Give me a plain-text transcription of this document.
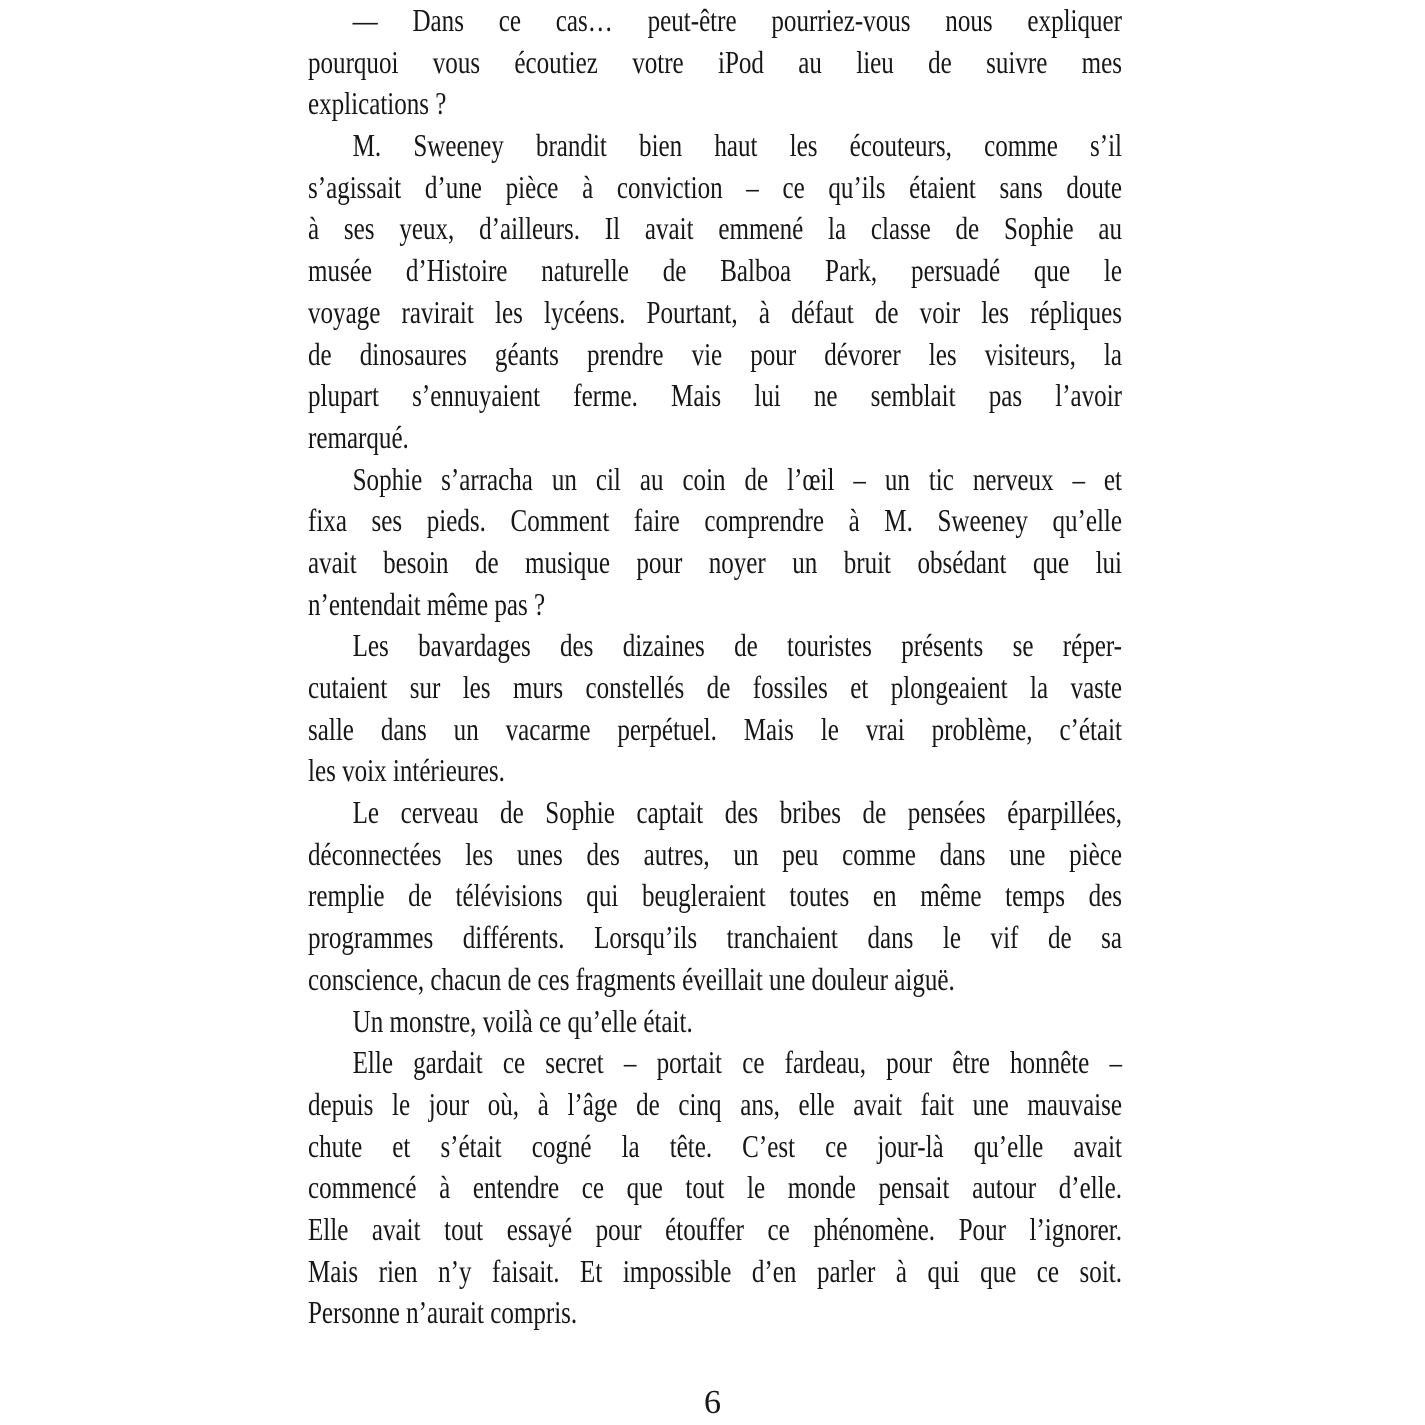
— Dans ce cas… peut-être pourriez-vous nous expliquer
pourquoi vous écoutiez votre iPod au lieu de suivre mes
explications ?
M. Sweeney brandit bien haut les écouteurs, comme s’il
s’agissait d’une pièce à conviction – ce qu’ils étaient sans doute
à ses yeux, d’ailleurs. Il avait emmené la classe de Sophie au
musée d’Histoire naturelle de Balboa Park, persuadé que le
voyage ravirait les lycéens. Pourtant, à défaut de voir les répliques
de dinosaures géants prendre vie pour dévorer les visiteurs, la
plupart s’ennuyaient ferme. Mais lui ne semblait pas l’avoir
remarqué.
Sophie s’arracha un cil au coin de l’œil – un tic nerveux – et
fixa ses pieds. Comment faire comprendre à M. Sweeney qu’elle
avait besoin de musique pour noyer un bruit obsédant que lui
n’entendait même pas ?
Les bavardages des dizaines de touristes présents se réper-
cutaient sur les murs constellés de fossiles et plongeaient la vaste
salle dans un vacarme perpétuel. Mais le vrai problème, c’était
les voix intérieures.
Le cerveau de Sophie captait des bribes de pensées éparpillées,
déconnectées les unes des autres, un peu comme dans une pièce
remplie de télévisions qui beugleraient toutes en même temps des
programmes différents. Lorsqu’ils tranchaient dans le vif de sa
conscience, chacun de ces fragments éveillait une douleur aiguë.
Un monstre, voilà ce qu’elle était.
Elle gardait ce secret – portait ce fardeau, pour être honnête –
depuis le jour où, à l’âge de cinq ans, elle avait fait une mauvaise
chute et s’était cogné la tête. C’est ce jour-là qu’elle avait
commencé à entendre ce que tout le monde pensait autour d’elle.
Elle avait tout essayé pour étouffer ce phénomène. Pour l’ignorer.
Mais rien n’y faisait. Et impossible d’en parler à qui que ce soit.
Personne n’aurait compris.
6
